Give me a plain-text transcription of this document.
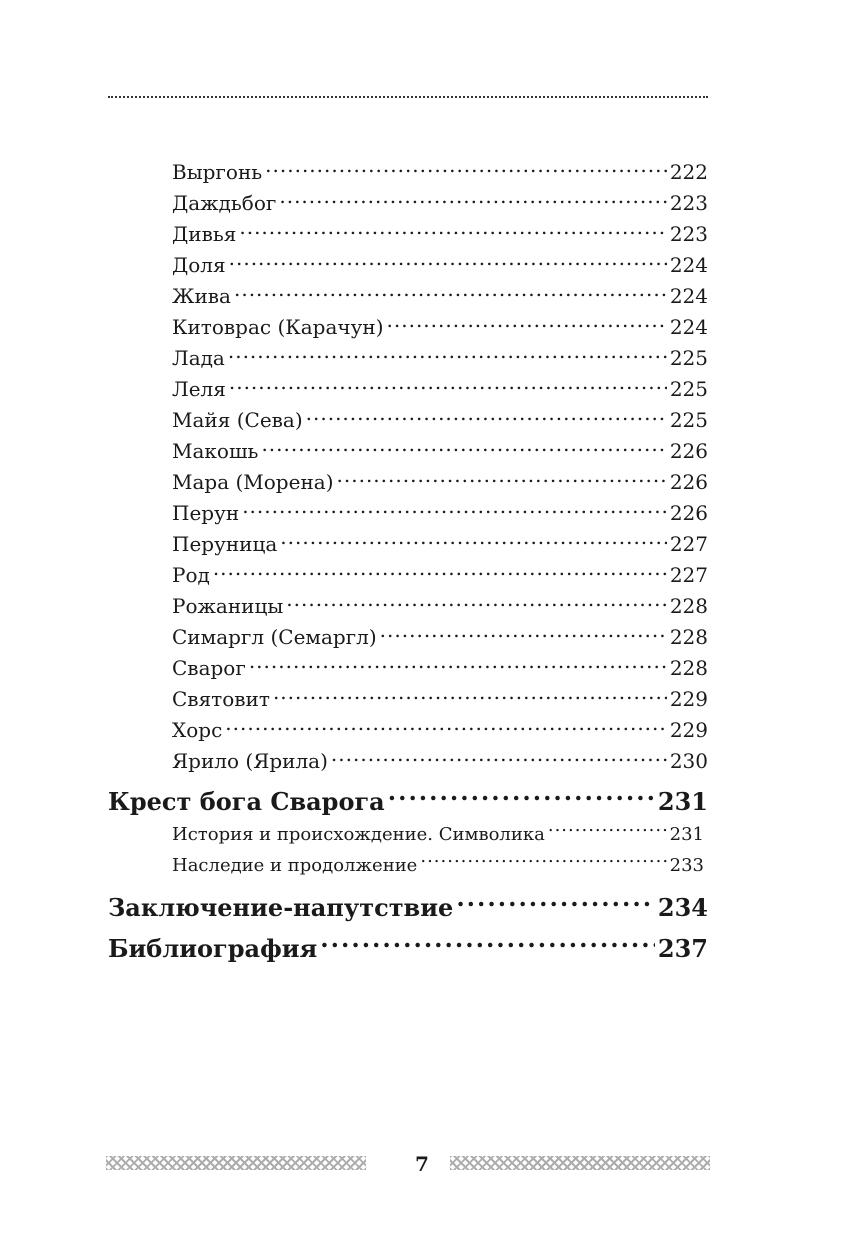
Выргонь .....	222
Даждьбог .....	223
Дивья .....	223
Доля .....	224
Жива .....	224
Китоврас (Карачун) .....	224
Лада .....	225
Леля .....	225
Майя (Сева) .....	225
Макошь .....	226
Мара (Морена) .....	226
Перун .....	226
Перуница .....	227
Род .....	227
Рожаницы .....	228
Симаргл (Семаргл) .....	228
Сварог .....	228
Святовит .....	229
Хорс .....	229
Ярило (Ярила) .....	230
Крест бога Сварога .....	231
История и происхождение. Символика .....	231
Наследие и продолжение .....	233
Заключение-напутствие .....	234
Библиография .....	237
7
